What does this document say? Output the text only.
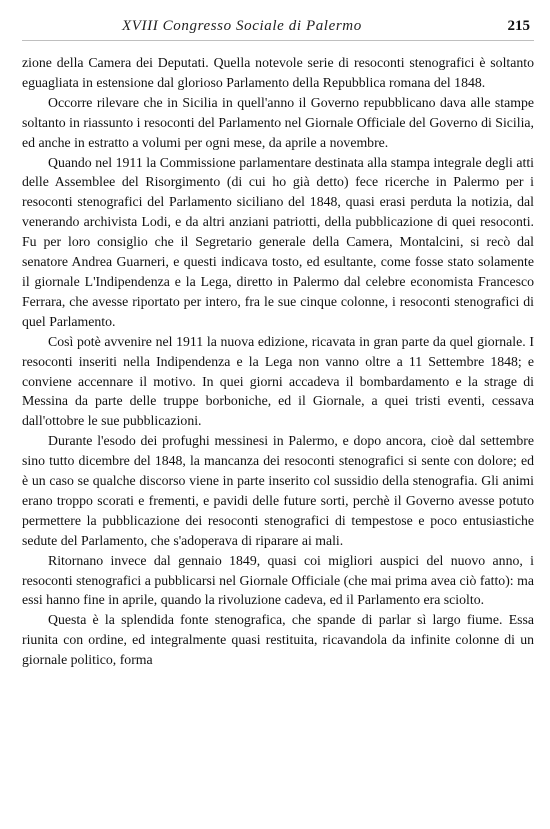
XVIII Congresso Sociale di Palermo	215

zione della Camera dei Deputati. Quella notevole serie di resoconti stenografici è soltanto eguagliata in estensione dal glorioso Parlamento della Repubblica romana del 1848.

Occorre rilevare che in Sicilia in quell'anno il Governo repubblicano dava alle stampe soltanto in riassunto i resoconti del Parlamento nel Giornale Officiale del Governo di Sicilia, ed anche in estratto a volumi per ogni mese, da aprile a novembre.

Quando nel 1911 la Commissione parlamentare destinata alla stampa integrale degli atti delle Assemblee del Risorgimento (di cui ho già detto) fece ricerche in Palermo per i resoconti stenografici del Parlamento siciliano del 1848, quasi erasi perduta la notizia, dal venerando archivista Lodi, e da altri anziani patriotti, della pubblicazione di quei resoconti. Fu per loro consiglio che il Segretario generale della Camera, Montalcini, si recò dal senatore Andrea Guarneri, e questi indicava tosto, ed esultante, come fosse stato solamente il giornale L'Indipendenza e la Lega, diretto in Palermo dal celebre economista Francesco Ferrara, che avesse riportato per intero, fra le sue cinque colonne, i resoconti stenografici di quel Parlamento.

Così potè avvenire nel 1911 la nuova edizione, ricavata in gran parte da quel giornale. I resoconti inseriti nella Indipendenza e la Lega non vanno oltre a 11 Settembre 1848; e conviene accennare il motivo. In quei giorni accadeva il bombardamento e la strage di Messina da parte delle truppe borboniche, ed il Giornale, a quei tristi eventi, cessava dall'ottobre le sue pubblicazioni.

Durante l'esodo dei profughi messinesi in Palermo, e dopo ancora, cioè dal settembre sino tutto dicembre del 1848, la mancanza dei resoconti stenografici si sente con dolore; ed è un caso se qualche discorso viene in parte inserito col sussidio della stenografia. Gli animi erano troppo scorati e frementi, e pavidi delle future sorti, perchè il Governo avesse potuto permettere la pubblicazione dei resoconti stenografici di tempestose e poco entusiastiche sedute del Parlamento, che s'adoperava di riparare ai mali.

Ritornano invece dal gennaio 1849, quasi coi migliori auspici del nuovo anno, i resoconti stenografici a pubblicarsi nel Giornale Officiale (che mai prima avea ciò fatto): ma essi hanno fine in aprile, quando la rivoluzione cadeva, ed il Parlamento era sciolto.

Questa è la splendida fonte stenografica, che spande di parlar sì largo fiume. Essa riunita con ordine, ed integralmente quasi restituita, ricavandola da infinite colonne di un giornale politico, forma
